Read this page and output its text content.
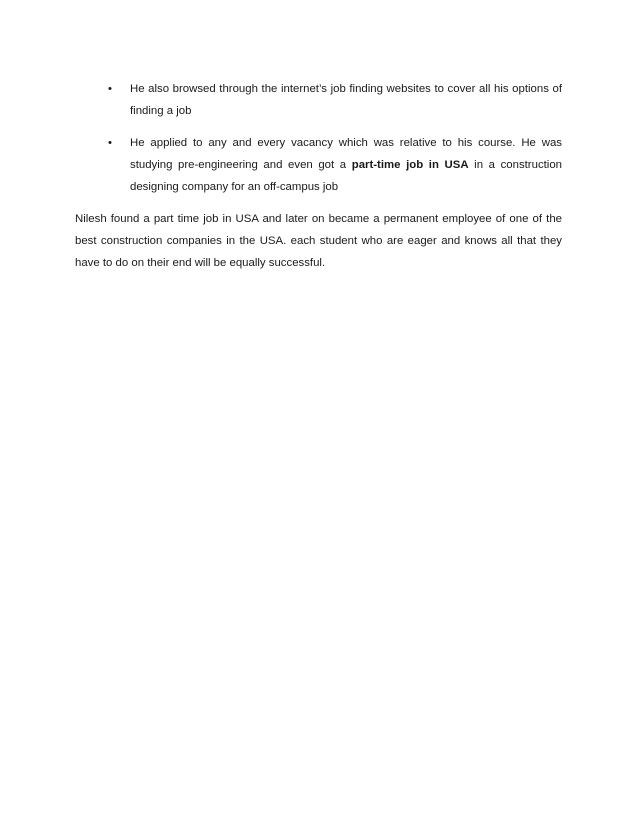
• He also browsed through the internet’s job finding websites to cover all his options of finding a job
• He applied to any and every vacancy which was relative to his course. He was studying pre-engineering and even got a part-time job in USA in a construction designing company for an off-campus job

Nilesh found a part time job in USA and later on became a permanent employee of one of the best construction companies in the USA. each student who are eager and knows all that they have to do on their end will be equally successful.
